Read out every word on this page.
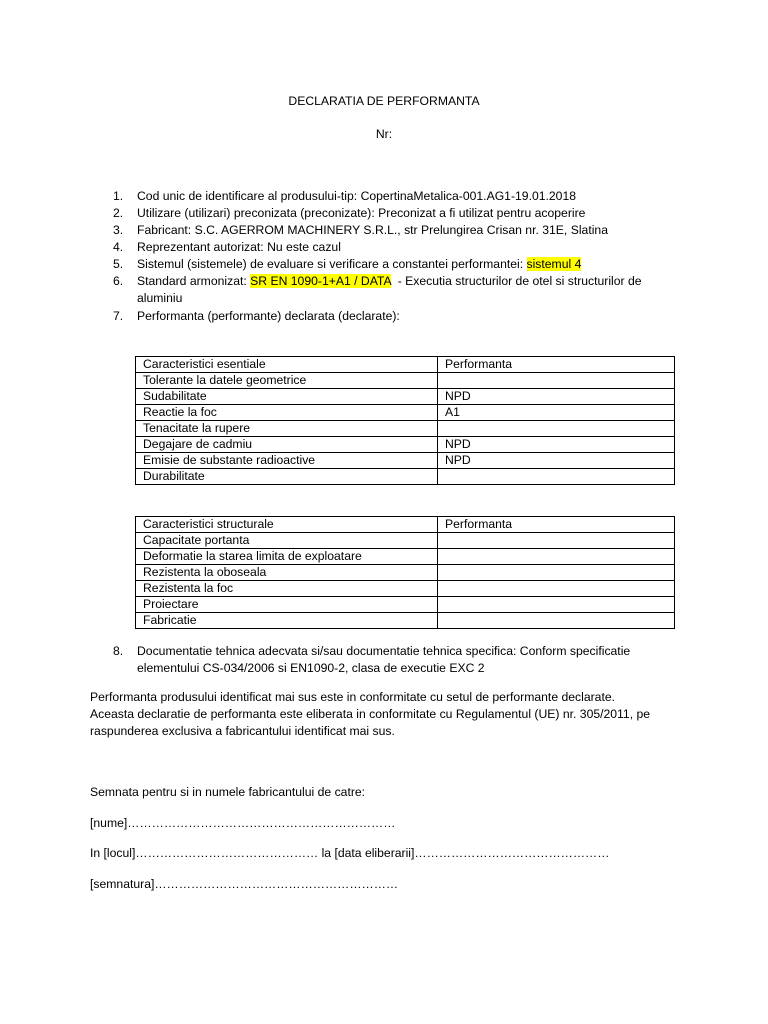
DECLARATIA DE PERFORMANTA
Nr:
1. Cod unic de identificare al produsului-tip: CopertinaMetalica-001.AG1-19.01.2018
2. Utilizare (utilizari) preconizata (preconizate): Preconizat a fi utilizat pentru acoperire
3. Fabricant: S.C. AGERROM MACHINERY S.R.L., str Prelungirea Crisan nr. 31E, Slatina
4. Reprezentant autorizat: Nu este cazul
5. Sistemul (sistemele) de evaluare si verificare a constantei performantei: sistemul 4
6. Standard armonizat: SR EN 1090-1+A1 / DATA  - Executia structurilor de otel si structurilor de
aluminiu
7. Performanta (performante) declarata (declarate):
Caracteristici esentiale	Performanta
Tolerante la datele geometrice	
Sudabilitate	NPD
Reactie la foc	A1
Tenacitate la rupere	
Degajare de cadmiu	NPD
Emisie de substante radioactive	NPD
Durabilitate	
Caracteristici structurale	Performanta
Capacitate portanta	
Deformatie la starea limita de exploatare	
Rezistenta la oboseala	
Rezistenta la foc	
Proiectare	
Fabricatie	
8. Documentatie tehnica adecvata si/sau documentatie tehnica specifica: Conform specificatie
elementului CS-034/2006 si EN1090-2, clasa de executie EXC 2
Performanta produsului identificat mai sus este in conformitate cu setul de performante declarate.
Aceasta declaratie de performanta este eliberata in conformitate cu Regulamentul (UE) nr. 305/2011, pe
raspunderea exclusiva a fabricantului identificat mai sus.
Semnata pentru si in numele fabricantului de catre:
[nume]…………………………………………………………
In [locul]……………………………………… la [data eliberarii]…………………………………………
[semnatura]……………………………………………………
